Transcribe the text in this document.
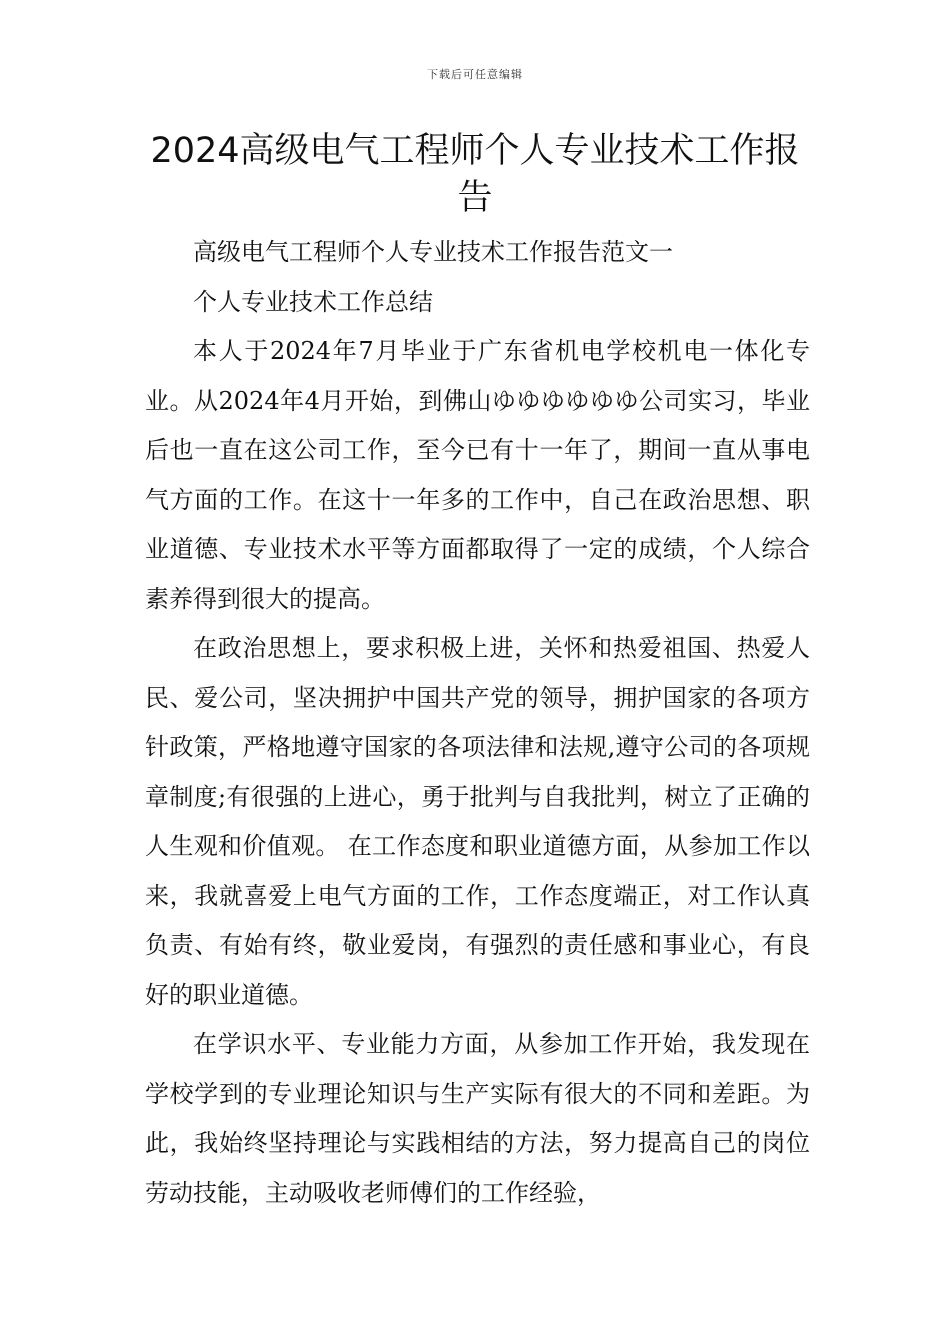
下载后可任意编辑
2024高级电气工程师个人专业技术工作报告

高级电气工程师个人专业技术工作报告范文一

个人专业技术工作总结

本人于2024年7月毕业于广东省机电学校机电一体化专业。从2024年4月开始，到佛山ゆゆゆゆゆゆ公司实习，毕业后也一直在这公司工作，至今已有十一年了，期间一直从事电气方面的工作。在这十一年多的工作中，自己在政治思想、职业道德、专业技术水平等方面都取得了一定的成绩，个人综合素养得到很大的提高。

在政治思想上，要求积极上进，关怀和热爱祖国、热爱人民、爱公司，坚决拥护中国共产党的领导，拥护国家的各项方针政策，严格地遵守国家的各项法律和法规,遵守公司的各项规章制度;有很强的上进心，勇于批判与自我批判，树立了正确的人生观和价值观。 在工作态度和职业道德方面，从参加工作以来，我就喜爱上电气方面的工作，工作态度端正，对工作认真负责、有始有终，敬业爱岗，有强烈的责任感和事业心，有良好的职业道德。

在学识水平、专业能力方面，从参加工作开始，我发现在学校学到的专业理论知识与生产实际有很大的不同和差距。为此，我始终坚持理论与实践相结的方法，努力提高自己的岗位劳动技能，主动吸收老师傅们的工作经验，
